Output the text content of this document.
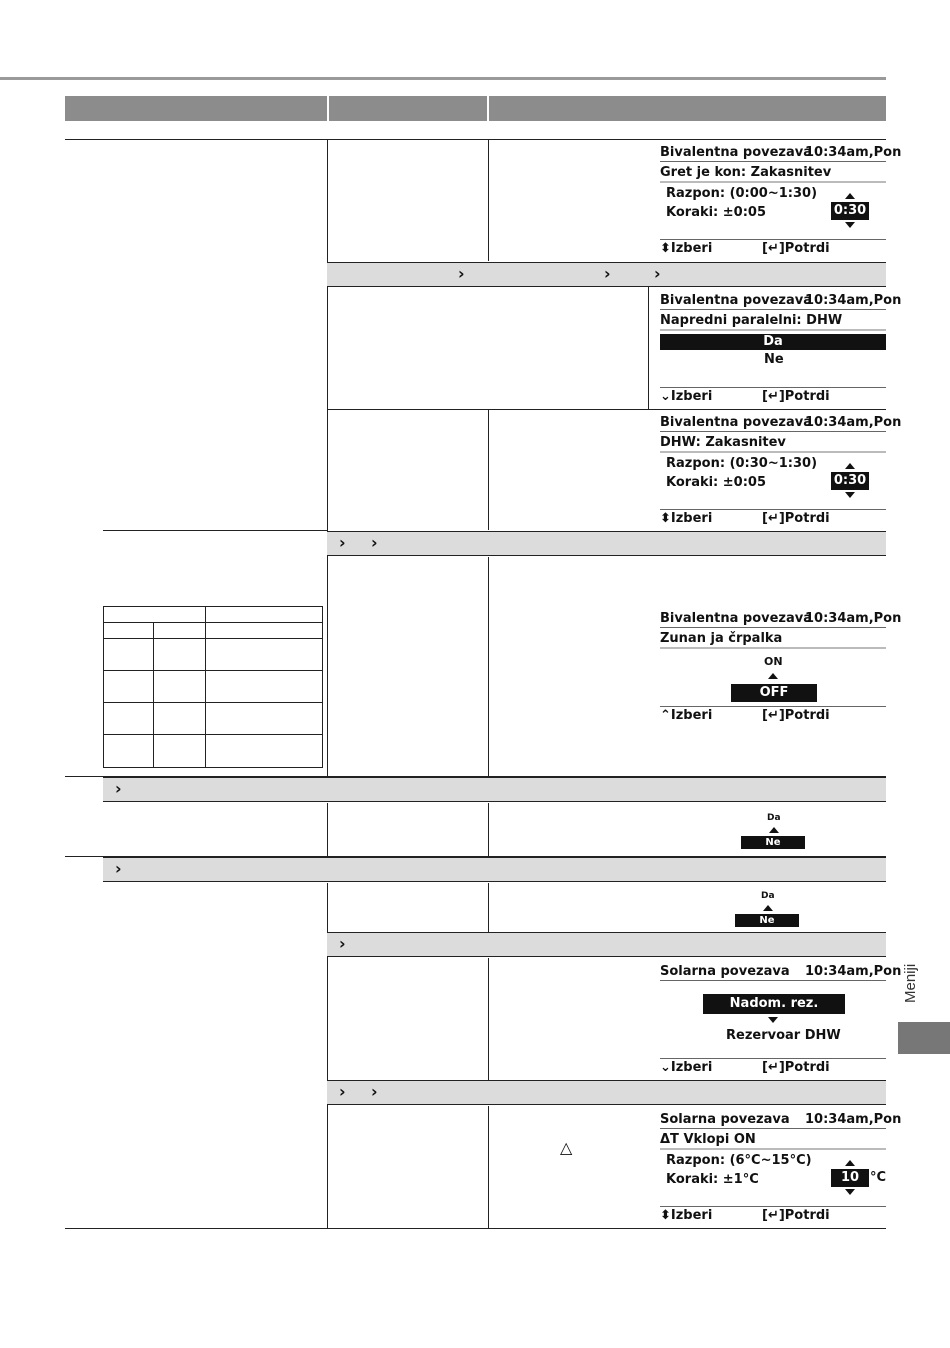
›	›	›
› ›
›
›
›
› ›
△
Bivalentna povezava
10:34am,Pon
Gret je kon: Zakasnitev
Razpon: (0:00~1:30)
Koraki: ±0:05	0:30
⬍Izberi	[↵]Potrdi
Bivalentna povezava
10:34am,Pon
Napredni paralelni: DHW
Da
Ne
⌄Izberi	[↵]Potrdi
Bivalentna povezava
10:34am,Pon
DHW: Zakasnitev
Razpon: (0:30~1:30)
Koraki: ±0:05	0:30
⬍Izberi	[↵]Potrdi
Bivalentna povezava
10:34am,Pon
Zunan ja črpalka
ON
OFF
⌃Izberi	[↵]Potrdi
Da
Ne
Da
Ne
Solarna povezava 10:34am,Pon
Nadom. rez.
Rezervoar DHW
⌄Izberi	[↵]Potrdi
Solarna povezava 10:34am,Pon
ΔT Vklopi ON
Razpon: (6°C~15°C)
Koraki: ±1°C	10 °C
⬍Izberi	[↵]Potrdi
Meniji
